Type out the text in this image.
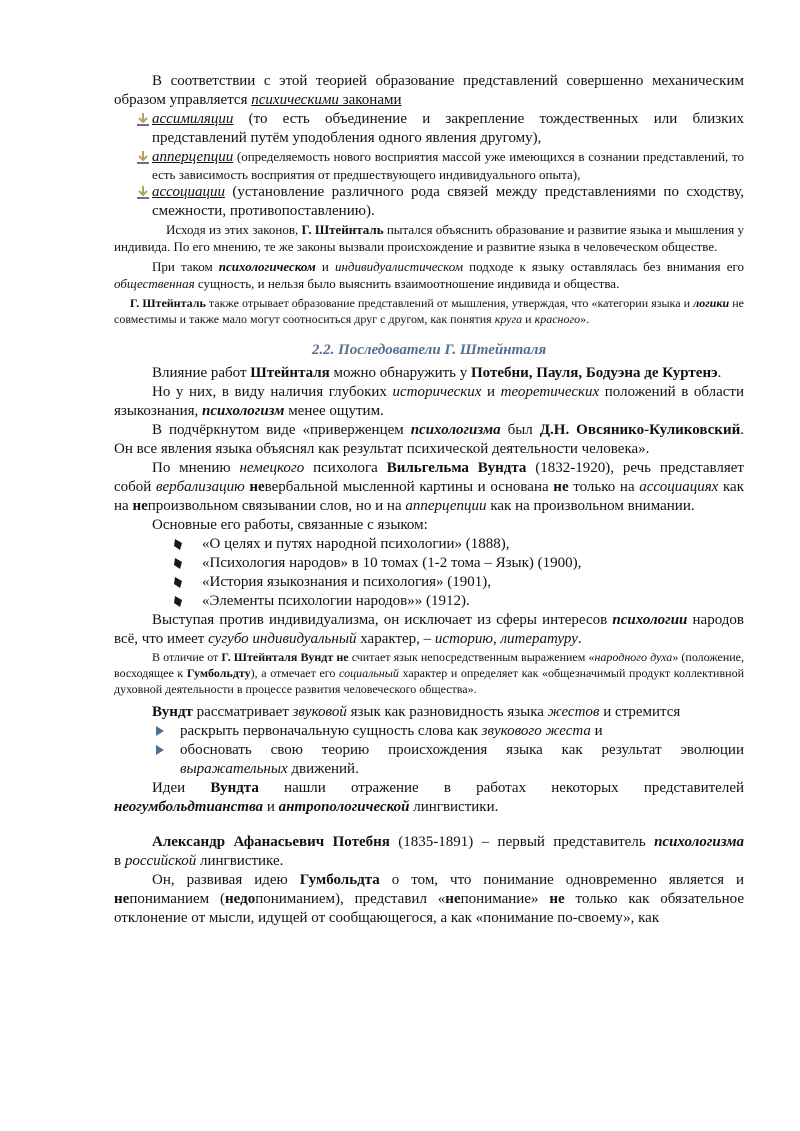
В соответствии с этой теорией образование представлений совершенно механическим образом управляется психическими законами

ассимиляции (то есть объединение и закрепление тождественных или близких представлений путём уподобления одного явления другому),
апперцепции (определяемость нового восприятия массой уже имеющихся в сознании представлений, то есть зависимость восприятия от предшествующего индивидуального опыта),
ассоциации (установление различного рода связей между представлениями по сходству, смежности, противопоставлению).

Исходя из этих законов, Г. Штейнталь пытался объяснить образование и развитие языка и мышления у индивида. По его мнению, те же законы вызвали происхождение и развитие языка в человеческом обществе.

При таком психологическом и индивидуалистическом подходе к языку оставлялась без внимания его общественная сущность, и нельзя было выяснить взаимоотношение индивида и общества.

Г. Штейнталь также отрывает образование представлений от мышления, утверждая, что «категории языка и логики не совместимы и также мало могут соотноситься друг с другом, как понятия круга и красного».

2.2. Последователи Г. Штейнталя

Влияние работ Штейнталя можно обнаружить у Потебни, Пауля, Бодуэна де Куртенэ.

Но у них, в виду наличия глубоких исторических и теоретических положений в области языкознания, психологизм менее ощутим.

В подчёркнутом виде «приверженцем психологизма был Д.Н. Овсянико-Куликовский. Он все явления языка объяснял как результат психической деятельности человека».

По мнению немецкого психолога Вильгельма Вундта (1832-1920), речь представляет собой вербализацию невербальной мысленной картины и основана не только на ассоциациях как на непроизвольном связывании слов, но и на апперцепции как на произвольном внимании.

Основные его работы, связанные с языком:

«О целях и путях народной психологии» (1888),
«Психология народов» в 10 томах (1-2 тома – Язык) (1900),
«История языкознания и психология» (1901),
«Элементы психологии народов»» (1912).

Выступая против индивидуализма, он исключает из сферы интересов психологии народов всё, что имеет сугубо индивидуальный характер, – историю, литературу.

В отличие от Г. Штейнталя Вундт не считает язык непосредственным выражением «народного духа» (положение, восходящее к Гумбольдту), а отмечает его социальный характер и определяет как «общезначимый продукт коллективной духовной деятельности в процессе развития человеческого общества».

Вундт рассматривает звуковой язык как разновидность языка жестов и стремится

раскрыть первоначальную сущность слова как звукового жеста и
обосновать свою теорию происхождения языка как результат эволюции выражательных движений.

Идеи Вундта нашли отражение в работах некоторых представителей неогумбольдтианства и антропологической лингвистики.

Александр Афанасьевич Потебня (1835-1891) – первый представитель психологизма          в российской лингвистике.

Он, развивая идею Гумбольдта о том, что понимание одновременно является и непониманием (недопониманием), представил «непонимание» не только как обязательное отклонение от мысли, идущей от сообщающегося, а как «понимание по-своему», как
